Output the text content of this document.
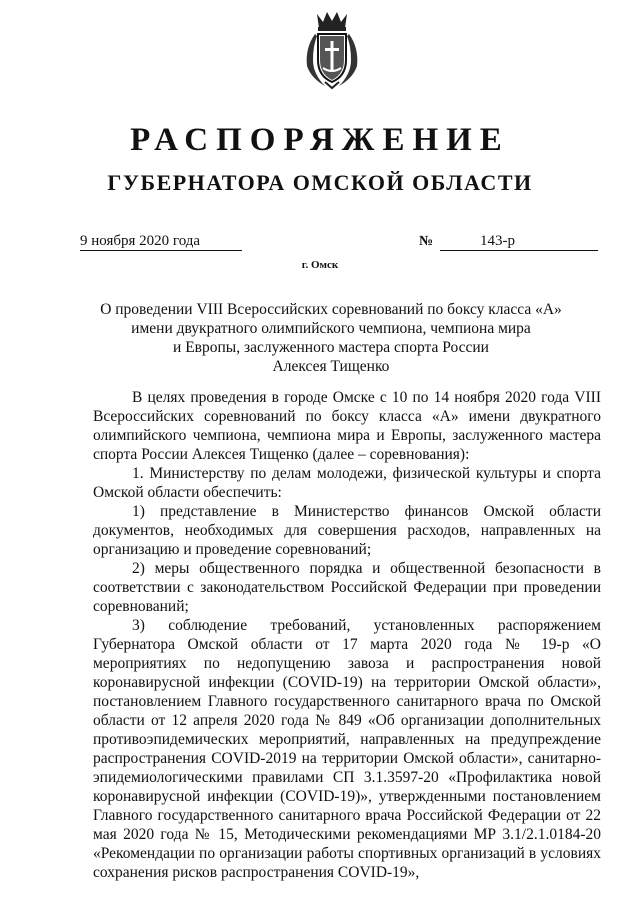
РАСПОРЯЖЕНИЕ
ГУБЕРНАТОРА ОМСКОЙ ОБЛАСТИ
9 ноября 2020 года	№	143-р
г. Омск
О проведении VIII Всероссийских соревнований по боксу класса «А»
имени двукратного олимпийского чемпиона, чемпиона мира
и Европы, заслуженного мастера спорта России
Алексея Тищенко

В целях проведения в городе Омске с 10 по 14 ноября 2020 года VIII Всероссийских соревнований по боксу класса «А» имени двукратного олимпийского чемпиона, чемпиона мира и Европы, заслуженного мастера спорта России Алексея Тищенко (далее – соревнования):

1. Министерству по делам молодежи, физической культуры и спорта Омской области обеспечить:

1) представление в Министерство финансов Омской области документов, необходимых для совершения расходов, направленных на организацию и проведение соревнований;

2) меры общественного порядка и общественной безопасности в соответствии с законодательством Российской Федерации при проведении соревнований;

3) соблюдение требований, установленных распоряжением Губернатора Омской области от 17 марта 2020 года № 19-р «О мероприятиях по недопущению завоза и распространения новой коронавирусной инфекции (COVID-19) на территории Омской области», постановлением Главного государственного санитарного врача по Омской области от 12 апреля 2020 года № 849 «Об организации дополнительных противоэпидемических мероприятий, направленных на предупреждение распространения COVID-2019 на территории Омской области», санитарно-эпидемиологическими правилами СП 3.1.3597-20 «Профилактика новой коронавирусной инфекции (COVID-19)», утвержденными постановлением Главного государственного санитарного врача Российской Федерации от 22 мая 2020 года № 15, Методическими рекомендациями МР 3.1/2.1.0184-20 «Рекомендации по организации работы спортивных организаций в условиях сохранения рисков распространения COVID-19»,
